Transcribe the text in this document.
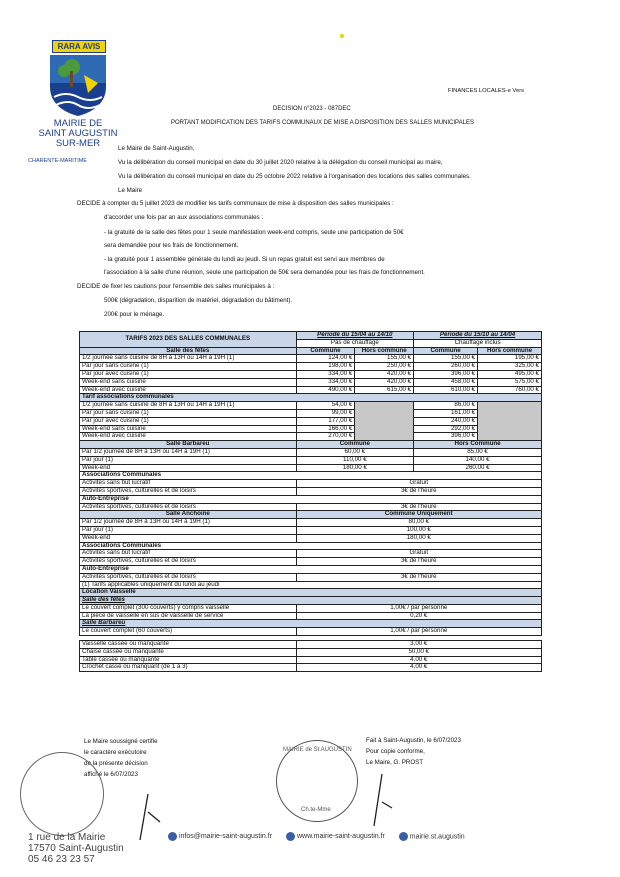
RARA AVIS
MAIRIE DE
SAINT AUGUSTIN
SUR-MER
CHARENTE-MARITIME
FINANCES LOCALES-e Vers
DECISION n°2023 - 087DEC
PORTANT MODIFICATION DES TARIFS COMMUNAUX DE MISE A DISPOSITION DES SALLES MUNICIPALES
Le Maire de Saint-Augustin,
Vu la délibération du conseil municipal en date du 30 juillet 2020 relative à la délégation du conseil municipal au maire,
Vu la délibération du conseil municipal en date du 25 octobre 2022 relative à l'organisation des locations des salles communales.
Le Maire
DECIDE à compter du 5 juillet 2023 de modifier les tarifs communaux de mise à disposition des salles municipales :
d'accorder une fois par an aux associations communales :
- la gratuité de la salle des fêtes pour 1 seule manifestation week-end compris, seule une participation de 50€
sera demandée pour les frais de fonctionnement.
- la gratuité pour 1 assemblée générale du lundi au jeudi. Si un repas gratuit est servi aux membres de
l'association à la salle d'une réunion, seule une participation de 50€ sera demandée pour les frais de fonctionnement.
DECIDE de fixer les cautions pour l'ensemble des salles municipales à :
500€ (dégradation, disparition de matériel, dégradation du bâtiment).
200€ pour le ménage.
TARIFS 2023 DES SALLES COMMUNALES	Période du 15/04 au 14/10		Période du 15/10 au 14/04	
	Pas de chauffage		Chauffage inclus	
Salle des fêtes	Commune	Hors commune	Commune	Hors commune
1/2 journée sans cuisine de 8H à 13H ou 14H à 19H (1)	124,00 €	155,00 €	155,00 €	195,00 €
Par jour sans cuisine (1)	198,00 €	250,00 €	260,00 €	325,00 €
Par jour avec cuisine (1)	334,00 €	420,00 €	396,00 €	495,00 €
Week-end sans cuisine	334,00 €	420,00 €	458,00 €	575,00 €
Week-end avec cuisine	490,00 €	615,00 €	610,00 €	760,00 €
Tarif associations communales				
1/2 journée sans cuisine de 8H à 13H ou 14H à 19H (1)	54,00 €		86,00 €	
Par jour sans cuisine (1)	99,00 €		161,00 €	
Par jour avec cuisine (1)	177,00 €		240,00 €	
Week-end sans cuisine	166,00 €		292,00 €	
Week-end avec cuisine	270,00 €		396,00 €	
Salle Barbareu	Commune		Hors Commune	
Par 1/2 journée de 8H à 13H ou 14H à 19H (1)	60,00 €		85,00 €	
Par jour (1)	110,00 €		140,00 €	
Week-end	180,00 €		260,00 €	
Associations Communales				
Activités sans but lucratif	Gratuit			
Activités sportives, culturelles et de loisirs	3€ de l'heure			
Auto-Entreprise				
Activités sportives, culturelles et de loisirs	3€ de l'heure			
Salle Anchoine	Commune Uniquement			
Par 1/2 journée de 8H à 13H ou 14H à 19H (1)	80,00 €			
Par jour (1)	100,00 €			
Week-end	180,00 €			
Associations Communales				
Activités sans but lucratif	Gratuit			
Activités sportives, culturelles et de loisirs	3€ de l'heure			
Auto-Entreprise				
Activités sportives, culturelles et de loisirs	3€ de l'heure			
(1) Tarifs applicables uniquement du lundi au jeudi				
Location Vaisselle				
Salle des fêtes				
Le couvert complet (300 couverts) y compris vaisselle	1,00€ / par personne			
La pièce de vaisselle en sus de vaisselle de service	0,20 €			
Salle Barbareu				
Le couvert complet (60 couverts)	1,00€ / par personne			

Vaisselle cassée ou manquante	3,00 €			
Chaise cassée ou manquante	50,00 €			
Table cassée ou manquante	4,00 €			
Crochet cassé ou manquant (de 1 à 3)	4,00 €			
Le Maire soussigné certifie
le caractère exécutoire
de la présente décision
affiché le 6/07/2023
Fait à Saint-Augustin, le 6/07/2023
Pour copie conforme,
Le Maire, G. PROST
MAIRIE de St AUGUSTIN
Ch.te-Mme
1 rue de la Mairie
17570 Saint-Augustin
05 46 23 23 57
infos@mairie-saint-augustin.fr	www.mairie-saint-augustin.fr	mairie.st.augustin
